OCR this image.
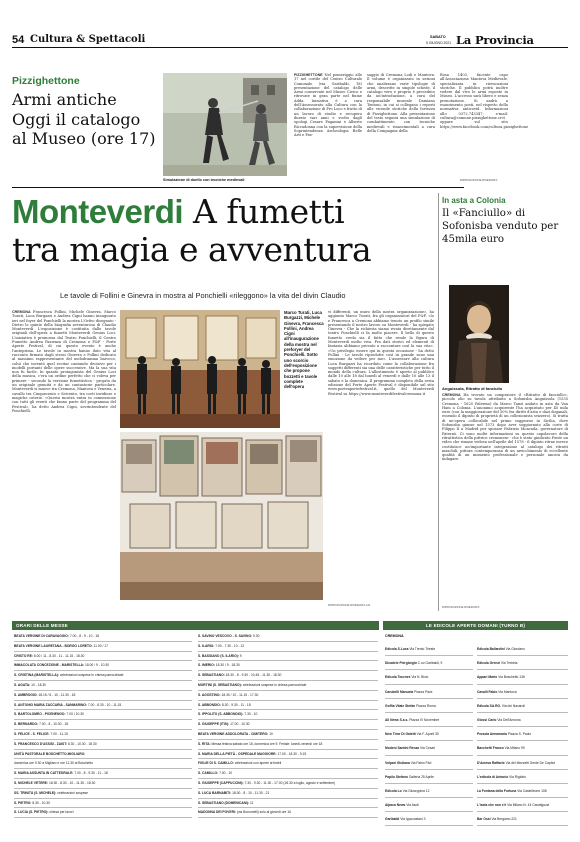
54 Cultura & Spettacoli	SABATO
5 GIUGNO 2021 La Provincia
Pizzighettone
Armi antiche
Oggi il catalogo
al Museo (ore 17)
Simulazione di duello con tecniche medievali
PIZZIGHETTONE Nel pomeriggio alle 17 nel cortile del Centro Culturale Comunale (via Garibaldi, 18) presentazione del catalogo delle Armi conservate nel Museo Civico e ritrovate in gran parte nel fiume Adda. Iniziativa è a cura dell'Assessorato alla Cultura con la collaborazione di Pro Loco e frutto di un lavoro di studio e recupero durato vari anni e svolto dagli opologi Cesare Paganini e Alberto Riccadonna con la supervisione della Soprintendenza Archeologia Belle Arti e Pae-
saggio di Cremona Lodi e Mantova. Il volume è organizzato in sezioni che analizzano varie tipologie di armi, descritte in singole schede, il catalogo vero e proprio è preceduto da un'introduzione, a cura del responsabile museale Damiano Tentoni, in cui si collegano i reperti alle vicende storiche della fortezza di Pizzighettone. Alla presentazione del testo seguirà una simulazione di combattimento con tecniche medievali e rinascimentali a cura della Compagnia della
Rosa 1403, facente capo all'Associazione Mantova Medievale, specializzata in rievocazioni storiche. Il pubblico potrà inoltre vedere dal vivo le armi esposte in Museo. L'accesso sarà libero e senza prenotazione. Si andrà a esaurimento posti, nel rispetto della normativa anticovid. Informazioni allo 0372.743347; e-mail: cultura@comune.pizzighettone.cr.it oppure sul sito https://www.facebook.com/cultura.pizzighettone
RIPRODUZIONE RISERVATA
Monteverdi A fumetti
tra magia e avventura
Le tavole di Follini e Ginevra in mostra al Ponchielli «rileggono» la vita del divin Claudio
CREMONA Francesca Follini, Michele Ginevra, Marco Turati, Luca Burgazzi e Andrea Cigni hanno inaugurato ieri nel foyer del Ponchielli la mostra L'Orfeo disegnato - Dietro le quinte della biografia avventurosa di Claudio Monteverdi. L'esposizione è costituita dalle tavole originali dell'opera a fumetti Monteverdi Genius Loci. L'iniziativa è promossa dal Teatro Ponchielli, il Centro Fumetto Andrea Pazienza di Cremona e P&F - Porte Aperte Festival, di cui questo evento è anche l'anteprima. Le tavole in mostra hanno dato vita al racconto firmato dagli stessi Ginevra e Follini dedicato al massimo rappresentante del melodramma barocco, colui che inventò quel recitar cantando decisivo per i modelli portanti delle opere successive. Ma la sua vita non fu facile. In quanto protagonista del Genius Loci della musica, c'era un ordine perfetto che ci voleva per primere - secondo la versione fumettistica - proprio da un originale genuità e da un cantastorie particolare. Monteverdi si muove tra Cremona, Mantova e Venezia, a cavallo tra Cinquecento e Seicento, tra corti invidiose e magiche osterie. «Questa mostra entra in connessione con tutti gli eventi che fanno parte del programma del Festival», ha detto Andrea Cigni, sovrintendente del Ponchielli.
Marco Turati, Luca Burgazzi, Michele Ginevra, Francesca Follini, Andrea Cigni all'inaugurazione della mostra nel preforyer del Ponchielli. Sotto uno scorcio dell'esposizione che propone bozzetti e tavole complete dell'opera
vi differenti, un muro della nostra organizzazione», ha aggiunto Marco Turati, fra gli organizzatori del P&F. «Io e Francesca a Cremona abbiamo tenuto un profilo simile presentando il nostro lavoro su Monteverdi - ha spiegato Ginevra - Che la richiesta siamo rivata direttamente dal teatro Ponchielli ci fa molto piacere. Il bello di questo fumetto credo sia il fatto che rende la figura di Monteverdi molto viva. Fra dati storici ed elementi di fantasia abbiamo provato a raccontare così la sua vita». «Un privilegio essere qui in questa occasione - ha detto Follini - Le tavole riprodotte così in grande sono una emozione da vedere per me». L'assessore alla cultura Luca Burgazzi ha ricordato come la collaborazione fra soggetti differenti sia una delle caratteristiche per tutto il mondo della cultura. L'allestimento è aperto al pubblico dalle 10 alle 18 dal lunedì al venerdì e dalle 10 alle 13 il sabato e la domenica. Il programma completo della sesta edizione del Porte Aperte Festival è disponibile sul sito www.porteapertefestival.it, quello del Monteverdi Festival su https://www.monteverdifestivalcremona.it
RIPRODUZIONE RISERVATA LM
In asta a Colonia
Il «Fanciullo» di Sofonisba venduto per 45mila euro
Anguissola, Ritratto di fanciullo
CREMONA Ha trovato un compratore il «Ritratto di fanciullo», piccolo olio su tavola attribuito a Sofonisba Anguissola (1535 Cremona - 1625 Palermo) da Marco Tanzi andato in asta da Van Ham a Colonia. L'anonimo acquirente l'ha acquistato per 45 mila euro (con la maggiorazione del 50% fra diritti d'asta e dazi doganali, essendo il dipinto di proprietà di un collezionista svizzero). Si tratta di un'opera collocabile nel primo soggiorno in Sicilia, dove Sofonisba giunse nel 1573 dopo aver soggiornato alla corte di Filippo II a Madrid per sposare Fabrizio Moncada, governatore di Paternò. Ci sono molte informazioni su questo capolavoro della ritrattistica della pittrice cremonese - che è stato giudicato Fonte un video che rimase vedova nell'aprile del 1578 - il dipinto ritrae invece costituisce un'importante integrazione al catalogo dei ritratti maschili, pittura contemporanea di un arricchimento di eccellente qualità di un momento professionale e personale ancora da indagare.
RIPRODUZIONE RISERVATA
ORARI DELLE MESSE
BEATA VERGINE DI CARAVAGGIO: 7.00 - 8 - 9 - 10 - 18
BEATA VERGINE LAURETANA - BORGO LORETO: 11.00 / 17
CRISTO RE: 8.00 / 11 - 8.30 - 11 - 11.15 - 18.30
IMMACOLATA CONCEZIONE - MARISTELLA: 18.00 / 9 - 10.30
S. CRISTINA (MARISTELLA): celebrazioni sospese in chiesa parrocchiale
S. AGATA: 10 - 18.30
S. AMBROGIO: 18.15 / 8 - 10 - 11.30 - 18
S. ANTONIO MARIA ZACCARIA - SANMARINO: 7.00 - 8.30 - 10 - 11.15
S. BARTOLOMEO - PICENENGO: 7.00 / 10.30
S. BERNARDO: 7.00 - 8 - 10.30 - 18
S. FELICE - S. FELICE: 7.00 - 11.15
S. FRANCESCO D'ASSISI - ZAIST: 8.30 - 10.30 - 18.30
UNITÀ PASTORALE BOSCHETTO-MIGLIARO:
domenica ore 9.30 a Migliaro e ore 11.30 al Boschetto
S. MARIA ASSUNTA IN CATTEDRALE: 7.00 - 8 - 9.30 - 11 - 18
S. MICHELE VETERE: 18.30 - 8.30 - 10 - 11.30 - 18.30
SS. TRINITÀ (S. MICHELE): celebrazioni sospese
S. PIETRO: 8.30 - 10.30
S. LUCIA (S. PIETRO): chiesa per lavori
S. SAVINO VESCOVO - S. SAVINO: 9.30
S. ILARIO: 7.00 - 7.30 - 10 - 12
S. BASSIANO (S. ILARIO): 9
S. IMERIO: 18.30 / 9 - 18.30
S. SEBASTIANO: 18.30 - 8 - 9.30 - 10.45 - 11.30 - 18.30
MORTINI (S. SEBASTIANO): celebrazioni sospese in chiesa parrocchiale
S. AGOSTINO: 18.30 / 10 - 11.15 - 17.30
S. ABBONDIO: 8.30 - 9.30 - 11 - 18
S. IPPOLITO (S. ABBONDIO): 7.30 - 10
S. GIUSEPPE (ITIS): 17.00 - 10.30
BEATA VERGINE ADDOLORATA - CIMITERO: 10
S. RITA: Messa festiva sabato ore 18, domenica ore 9. Feriale: lunedì-venerdì ore 18
S. MARIA DELLA PIETÀ - OSPEDALE MAGGIORE: 17.00 - 18.30 - 9.15
FIGLIE DI S. CAMILLO: celebrazioni con aperte al fedeli
S. CAMILLO: 7.00 - 10
S. GIUSEPPE (CAPPUCCINI): 7.30 - 9.30 - 11.30 - 17.00 (18.30 a luglio, agosto e settembre)
S. LUCA BARNABITI: 18.00 - 8 - 10 - 11.30 - 21
S. SEBASTIANO (DOMENICANI): 11
MADONNA DEI POVERI: (via Bonomelli) solo al giovedì ore 16
LE EDICOLE APERTE DOMANI (TURNO B)
CREMONA
Edicola S.Luca Via Trento Trieste
Dicadele Pierglorgio C.so Garibaldi, 9
Edicola Tournee Via N. Bixio
Carubelli Manuela Piazza Pace
Goffia Vitale Stefan Piazza Roma
All News S.a.s. Piazza IV Novembre
New Time Di Galetti Via F. Aporti 30
Modeni Santini Renza Via Cesari
Volpari Giuliana Via Fabio Filzi
Papilo Stefano Galleria 25 Aprile
Edicola Lo Via Giuseppina 12
Alpaca News Via Asoli
Garibaldi Via Ippocastani 3
Edicola Ballardini Via Giordano
Edicola Grenzi Via Trebbia
Appari Mario Via Boschetto 136
Cavalli Fabio Via Mantova
Edicola SA.RO. Via dei Navaroli
Giossi Carlo Via Dell'Annona
Pezzola Annamaria Piazza S. Paolo
Bacchetti Franco Via Milano 99
D'Amesa Raffaele Via del Mezzetti Gente De Capitol
L'edicola di Antonio Via Riglotto
La Fontana della Fortuna Via Castelleone 108
L'isola che non c'è Via Milano N. 44 Cavatigozzi
Bar Ossi Via Bergamo 221
